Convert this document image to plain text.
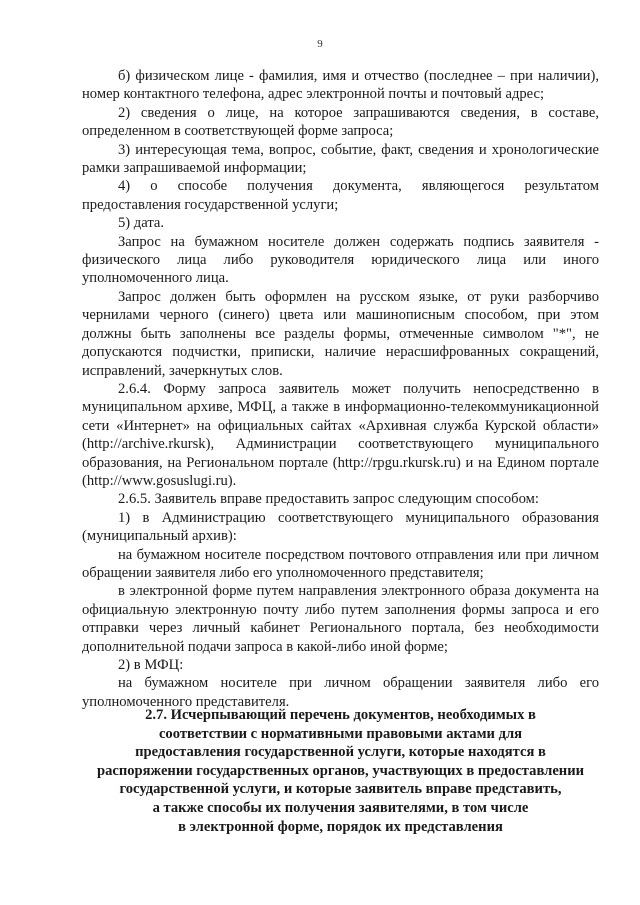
9

б) физическом лице - фамилия, имя и отчество (последнее – при наличии), номер контактного телефона, адрес электронной почты и почтовый адрес;

2) сведения о лице, на которое запрашиваются сведения, в составе, определенном в соответствующей форме запроса;

3) интересующая тема, вопрос, событие, факт, сведения и хронологические рамки запрашиваемой информации;

4) о способе получения документа, являющегося результатом предоставления государственной услуги;

5) дата.

Запрос на бумажном носителе должен содержать подпись заявителя - физического лица либо руководителя юридического лица или иного уполномоченного лица.

Запрос должен быть оформлен на русском языке, от руки разборчиво чернилами черного (синего) цвета или машинописным способом, при этом должны быть заполнены все разделы формы, отмеченные символом "*", не допускаются подчистки, приписки, наличие нерасшифрованных сокращений, исправлений, зачеркнутых слов.

2.6.4. Форму запроса заявитель может получить непосредственно в муниципальном архиве, МФЦ, а также в информационно-телекоммуникационной сети «Интернет» на официальных сайтах «Архивная служба Курской области» (http://archive.rkursk), Администрации соответствующего муниципального образования, на Региональном портале (http://rpgu.rkursk.ru) и на Едином портале (http://www.gosuslugi.ru).

2.6.5. Заявитель вправе предоставить запрос следующим способом:

1) в Администрацию соответствующего муниципального образования (муниципальный архив):

на бумажном носителе посредством почтового отправления или при личном обращении заявителя либо его уполномоченного представителя;

в электронной форме путем направления электронного образа документа на официальную электронную почту либо путем заполнения формы запроса и его отправки через личный кабинет Регионального портала, без необходимости дополнительной подачи запроса в какой-либо иной форме;

2) в МФЦ:

на бумажном носителе при личном обращении заявителя либо его уполномоченного представителя.

2.7. Исчерпывающий перечень документов, необходимых в
соответствии с нормативными правовыми актами для
предоставления государственной услуги, которые находятся в
распоряжении государственных органов, участвующих в предоставлении
государственной услуги, и которые заявитель вправе представить,
а также способы их получения заявителями, в том числе
в электронной форме, порядок их представления
